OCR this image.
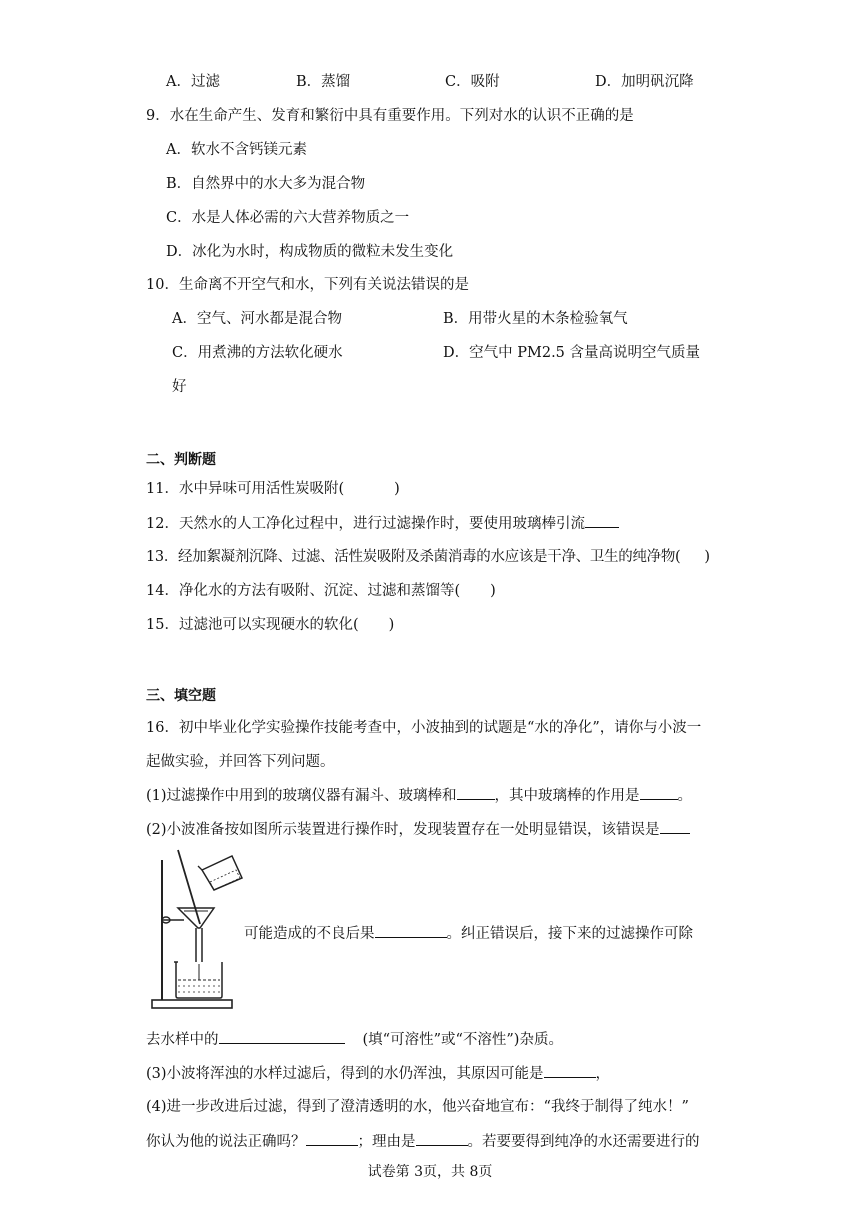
A．过滤	B．蒸馏	C．吸附	D．加明矾沉降
9．水在生命产生、发育和繁衍中具有重要作用。下列对水的认识不正确的是
A．软水不含钙镁元素
B．自然界中的水大多为混合物
C．水是人体必需的六大营养物质之一
D．冰化为水时，构成物质的微粒未发生变化
10．生命离不开空气和水，下列有关说法错误的是
A．空气、河水都是混合物	B．用带火星的木条检验氧气
C．用煮沸的方法软化硬水	D．空气中 PM2.5 含量高说明空气质量
好
二、判断题
11．水中异味可用活性炭吸附(	)
12．天然水的人工净化过程中，进行过滤操作时，要使用玻璃棒引流
13．经加絮凝剂沉降、过滤、活性炭吸附及杀菌消毒的水应该是干净、卫生的纯净物( )
14．净化水的方法有吸附、沉淀、过滤和蒸馏等( )
15．过滤池可以实现硬水的软化( )
三、填空题
16．初中毕业化学实验操作技能考查中，小波抽到的试题是“水的净化”，请你与小波一
起做实验，并回答下列问题。
(1)过滤操作中用到的玻璃仪器有漏斗、玻璃棒和	，其中玻璃棒的作用是	。
(2)小波准备按如图所示装置进行操作时，发现装置存在一处明显错误，该错误是
可能造成的不良后果	。纠正错误后，接下来的过滤操作可除
去水样中的	(填“可溶性”或“不溶性”)杂质。
(3)小波将浑浊的水样过滤后，得到的水仍浑浊，其原因可能是	，
(4)进一步改进后过滤，得到了澄清透明的水，他兴奋地宣布：“我终于制得了纯水！”
你认为他的说法正确吗？	；理由是	。若要要得到纯净的水还需要进行的
试卷第 3页，共 8页
